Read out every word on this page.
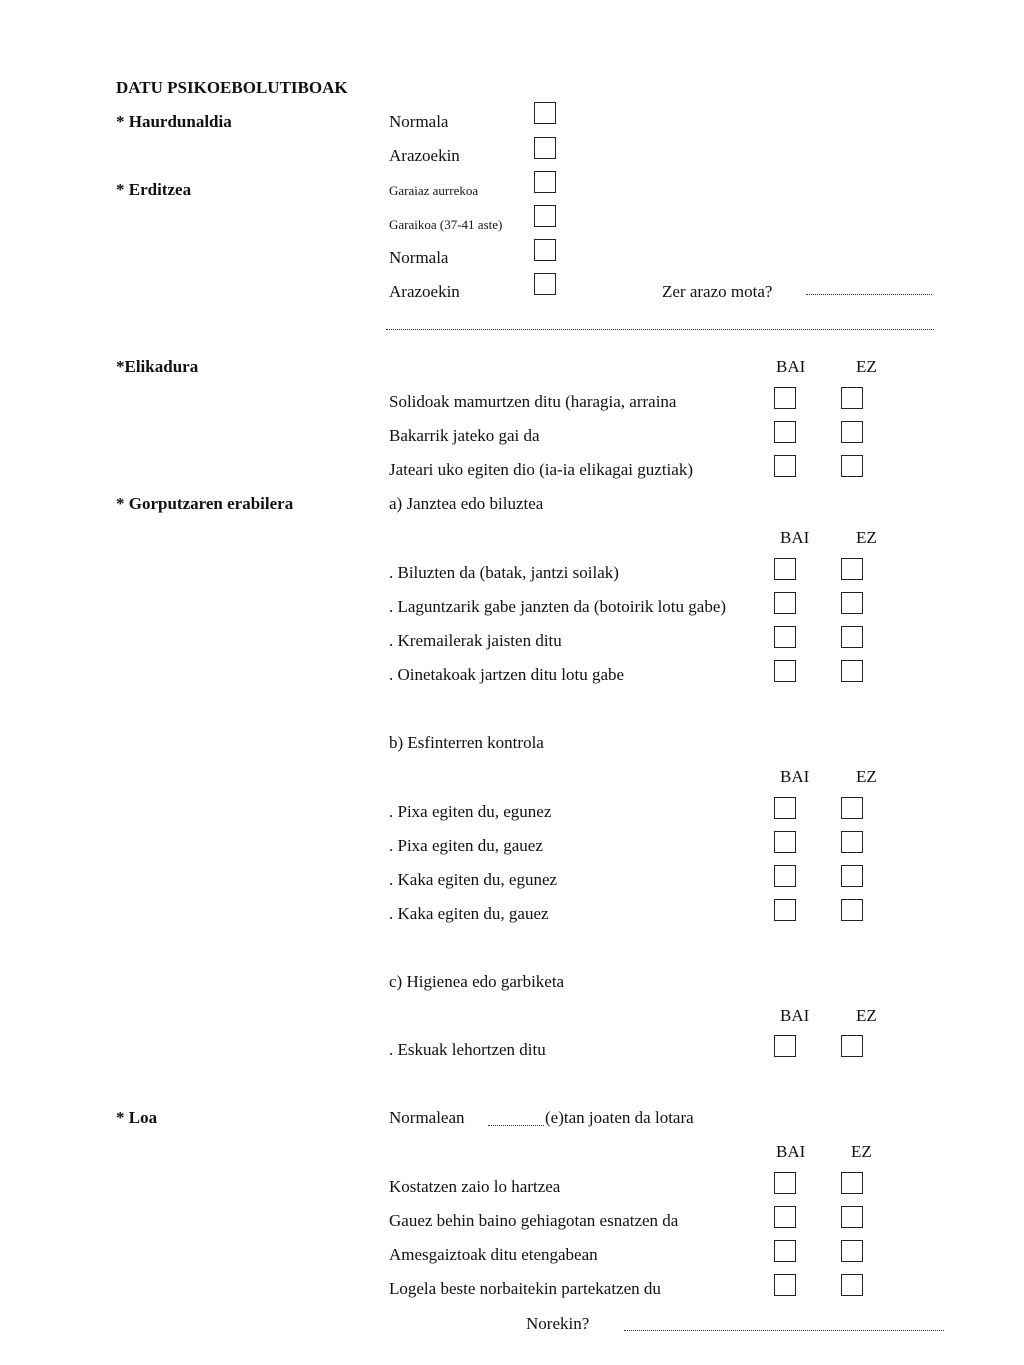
DATU PSIKOEBOLUTIBOAK
* Haurdunaldia	Normala
Arazoekin
* Erditzea	Garaiaz aurrekoa
Garaikoa (37-41 aste)
Normala
Arazoekin	Zer arazo mota?
*Elikadura	BAI	EZ
Solidoak mamurtzen ditu (haragia, arraina
Bakarrik jateko gai da
Jateari uko egiten dio (ia-ia elikagai guztiak)
* Gorputzaren erabilera	a) Janztea edo biluztea
BAI	EZ
. Biluzten da (batak, jantzi soilak)
. Laguntzarik gabe janzten da (botoirik lotu gabe)
. Kremailerak jaisten ditu
. Oinetakoak jartzen ditu lotu gabe
b) Esfinterren kontrola
BAI	EZ
. Pixa egiten du, egunez
. Pixa egiten du, gauez
. Kaka egiten du, egunez
. Kaka egiten du, gauez
c) Higienea edo garbiketa
BAI	EZ
. Eskuak lehortzen ditu
* Loa	Normalean	(e)tan joaten da lotara
BAI	EZ
Kostatzen zaio lo hartzea
Gauez behin baino gehiagotan esnatzen da
Amesgaiztoak ditu etengabean
Logela beste norbaitekin partekatzen du
Norekin?
